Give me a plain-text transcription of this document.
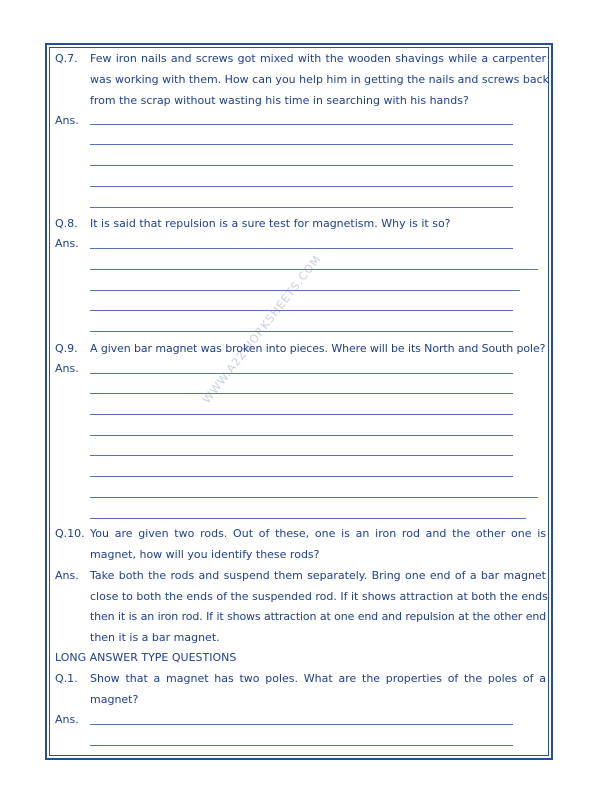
WWW.A2ZWORKSHEETS.COM
Q.7. Few iron nails and screws got mixed with the wooden shavings while a carpenter
was working with them. How can you help him in getting the nails and screws back
from the scrap without wasting his time in searching with his hands?
Ans.
Q.8. It is said that repulsion is a sure test for magnetism. Why is it so?
Ans.
Q.9. A given bar magnet was broken into pieces. Where will be its North and South pole?
Ans.
Q.10. You are given two rods. Out of these, one is an iron rod and the other one is
magnet, how will you identify these rods?
Ans. Take both the rods and suspend them separately. Bring one end of a bar magnet
close to both the ends of the suspended rod. If it shows attraction at both the ends
then it is an iron rod. If it shows attraction at one end and repulsion at the other end
then it is a bar magnet.
LONG ANSWER TYPE QUESTIONS
Q.1. Show that a magnet has two poles. What are the properties of the poles of a
magnet?
Ans.
